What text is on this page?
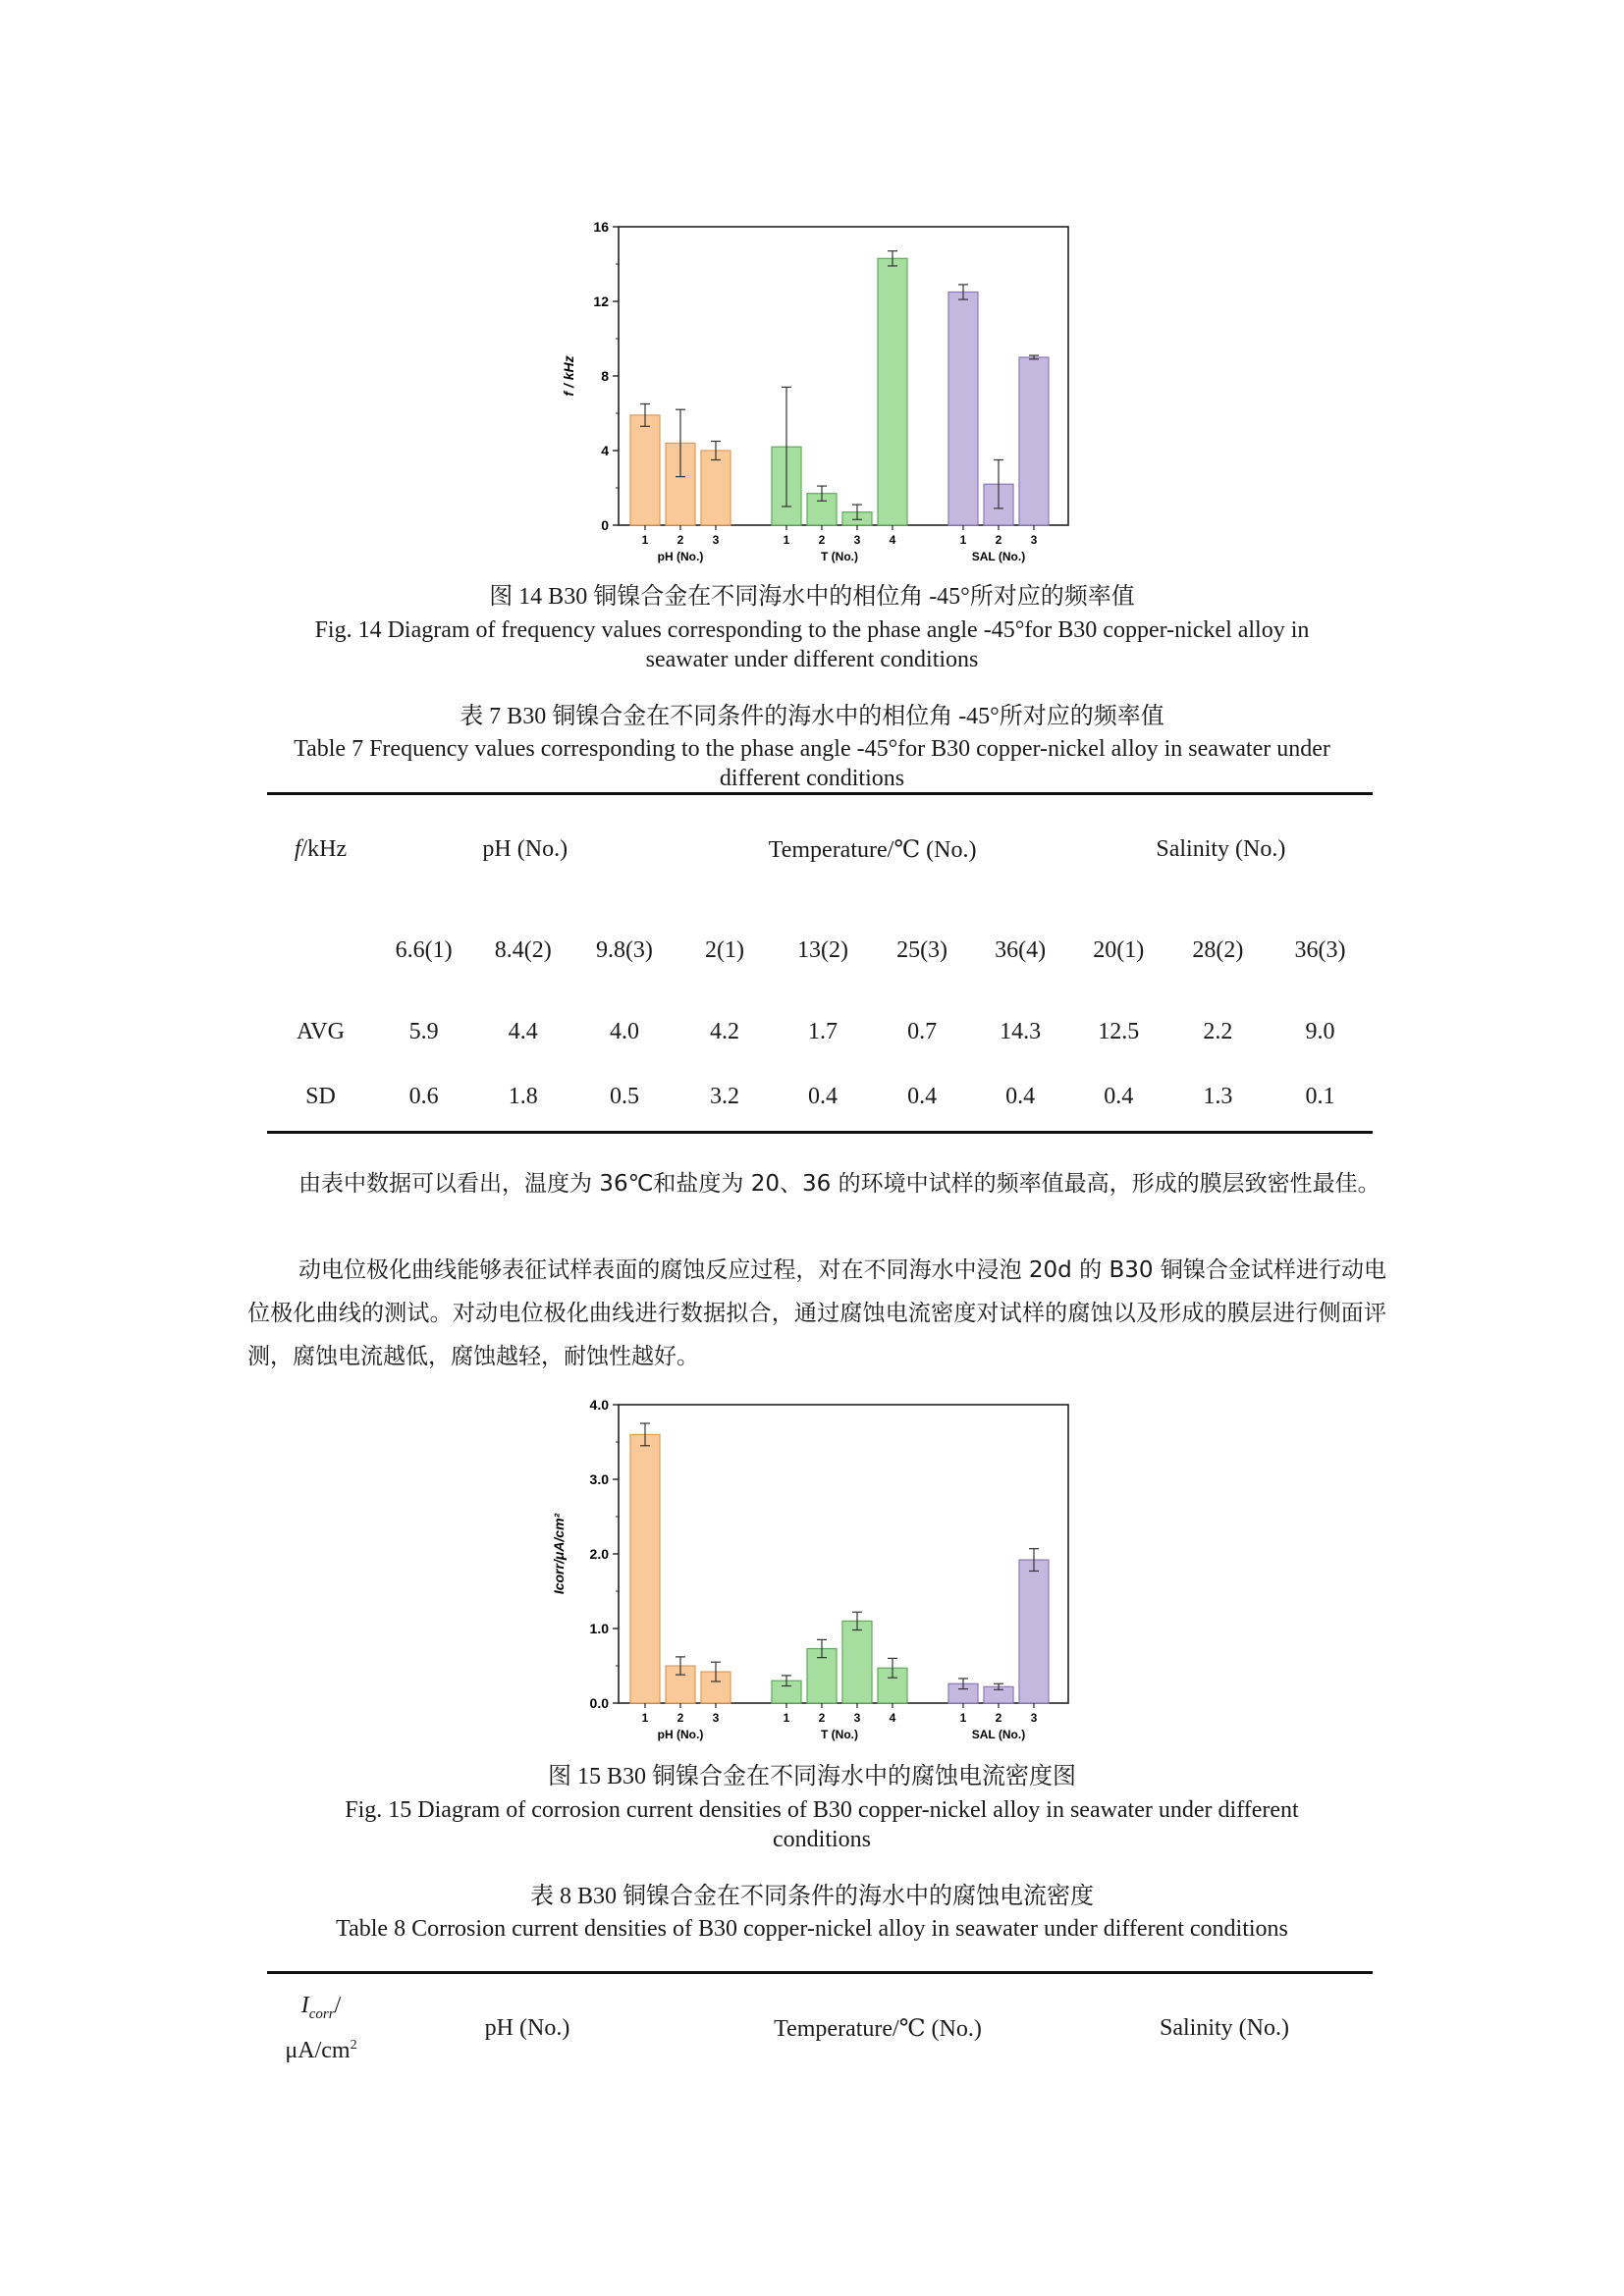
0
4
8
12
16
f / kHz
1 2 3
pH (No.)
1 2 3 4
T (No.)
1 2 3
SAL (No.)
图 14 B30 铜镍合金在不同海水中的相位角 -45°所对应的频率值
Fig. 14 Diagram of frequency values corresponding to the phase angle -45°for B30 copper-nickel alloy in seawater under different conditions
表 7 B30 铜镍合金在不同条件的海水中的相位角 -45°所对应的频率值
Table 7 Frequency values corresponding to the phase angle -45°for B30 copper-nickel alloy in seawater under different conditions
f/kHz	pH (No.)			Temperature/℃ (No.)				Salinity (No.)		
	6.6(1)	8.4(2)	9.8(3)	2(1)	13(2)	25(3)	36(4)	20(1)	28(2)	36(3)
AVG	5.9	4.4	4.0	4.2	1.7	0.7	14.3	12.5	2.2	9.0
SD	0.6	1.8	0.5	3.2	0.4	0.4	0.4	0.4	1.3	0.1
由表中数据可以看出，温度为 36℃和盐度为 20、36 的环境中试样的频率值最高，形成的膜层致密性最佳。
动电位极化曲线能够表征试样表面的腐蚀反应过程，对在不同海水中浸泡 20d 的 B30 铜镍合金试样进行动电位极化曲线的测试。对动电位极化曲线进行数据拟合，通过腐蚀电流密度对试样的腐蚀以及形成的膜层进行侧面评测，腐蚀电流越低，腐蚀越轻，耐蚀性越好。
0.0
1.0
2.0
3.0
4.0
Icorr/μA/cm²
1 2 3
pH (No.)
1 2 3 4
T (No.)
1 2 3
SAL (No.)
图 15 B30 铜镍合金在不同海水中的腐蚀电流密度图
Fig. 15 Diagram of corrosion current densities of B30 copper-nickel alloy in seawater under different conditions
表 8 B30 铜镍合金在不同条件的海水中的腐蚀电流密度
Table 8 Corrosion current densities of B30 copper-nickel alloy in seawater under different conditions
$I_{corr}/$
$\mu A/cm^2$	pH (No.)	Temperature/℃ (No.)	Salinity (No.)
